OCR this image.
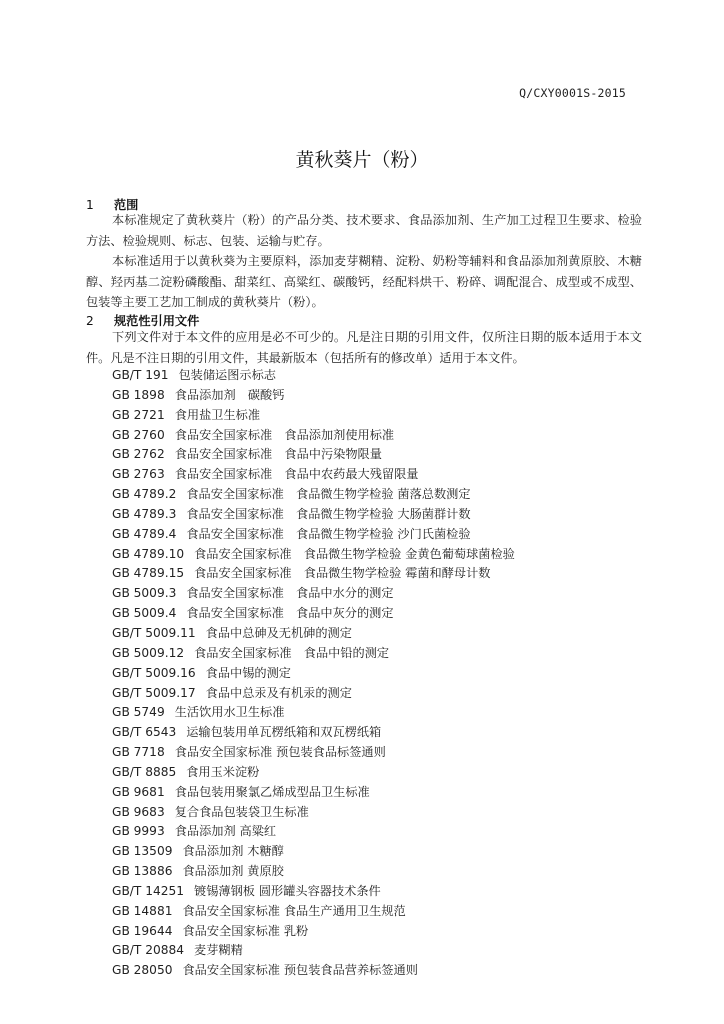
Q/CXY0001S-2015
黄秋葵片（粉）
1 范围
本标准规定了黄秋葵片（粉）的产品分类、技术要求、食品添加剂、生产加工过程卫生要求、检验方法、检验规则、标志、包装、运输与贮存。
本标准适用于以黄秋葵为主要原料，添加麦芽糊精、淀粉、奶粉等辅料和食品添加剂黄原胶、木糖醇、羟丙基二淀粉磷酸酯、甜菜红、高粱红、碳酸钙，经配料烘干、粉碎、调配混合、成型或不成型、包装等主要工艺加工制成的黄秋葵片（粉）。
2 规范性引用文件
下列文件对于本文件的应用是必不可少的。凡是注日期的引用文件，仅所注日期的版本适用于本文件。凡是不注日期的引用文件，其最新版本（包括所有的修改单）适用于本文件。
GB/T 191 包装储运图示标志
GB 1898 食品添加剂　碳酸钙
GB 2721 食用盐卫生标准
GB 2760 食品安全国家标准　食品添加剂使用标准
GB 2762 食品安全国家标准　食品中污染物限量
GB 2763 食品安全国家标准　食品中农药最大残留限量
GB 4789.2 食品安全国家标准　食品微生物学检验 菌落总数测定
GB 4789.3 食品安全国家标准　食品微生物学检验 大肠菌群计数
GB 4789.4 食品安全国家标准　食品微生物学检验 沙门氏菌检验
GB 4789.10 食品安全国家标准　食品微生物学检验 金黄色葡萄球菌检验
GB 4789.15 食品安全国家标准　食品微生物学检验 霉菌和酵母计数
GB 5009.3 食品安全国家标准　食品中水分的测定
GB 5009.4 食品安全国家标准　食品中灰分的测定
GB/T 5009.11 食品中总砷及无机砷的测定
GB 5009.12 食品安全国家标准　食品中铅的测定
GB/T 5009.16 食品中锡的测定
GB/T 5009.17 食品中总汞及有机汞的测定
GB 5749 生活饮用水卫生标准
GB/T 6543 运输包装用单瓦楞纸箱和双瓦楞纸箱
GB 7718 食品安全国家标准 预包装食品标签通则
GB/T 8885 食用玉米淀粉
GB 9681 食品包装用聚氯乙烯成型品卫生标准
GB 9683 复合食品包装袋卫生标准
GB 9993 食品添加剂 高粱红
GB 13509 食品添加剂 木糖醇
GB 13886 食品添加剂 黄原胶
GB/T 14251 镀锡薄钢板 圆形罐头容器技术条件
GB 14881 食品安全国家标准 食品生产通用卫生规范
GB 19644 食品安全国家标准 乳粉
GB/T 20884 麦芽糊精
GB 28050 食品安全国家标准 预包装食品营养标签通则
